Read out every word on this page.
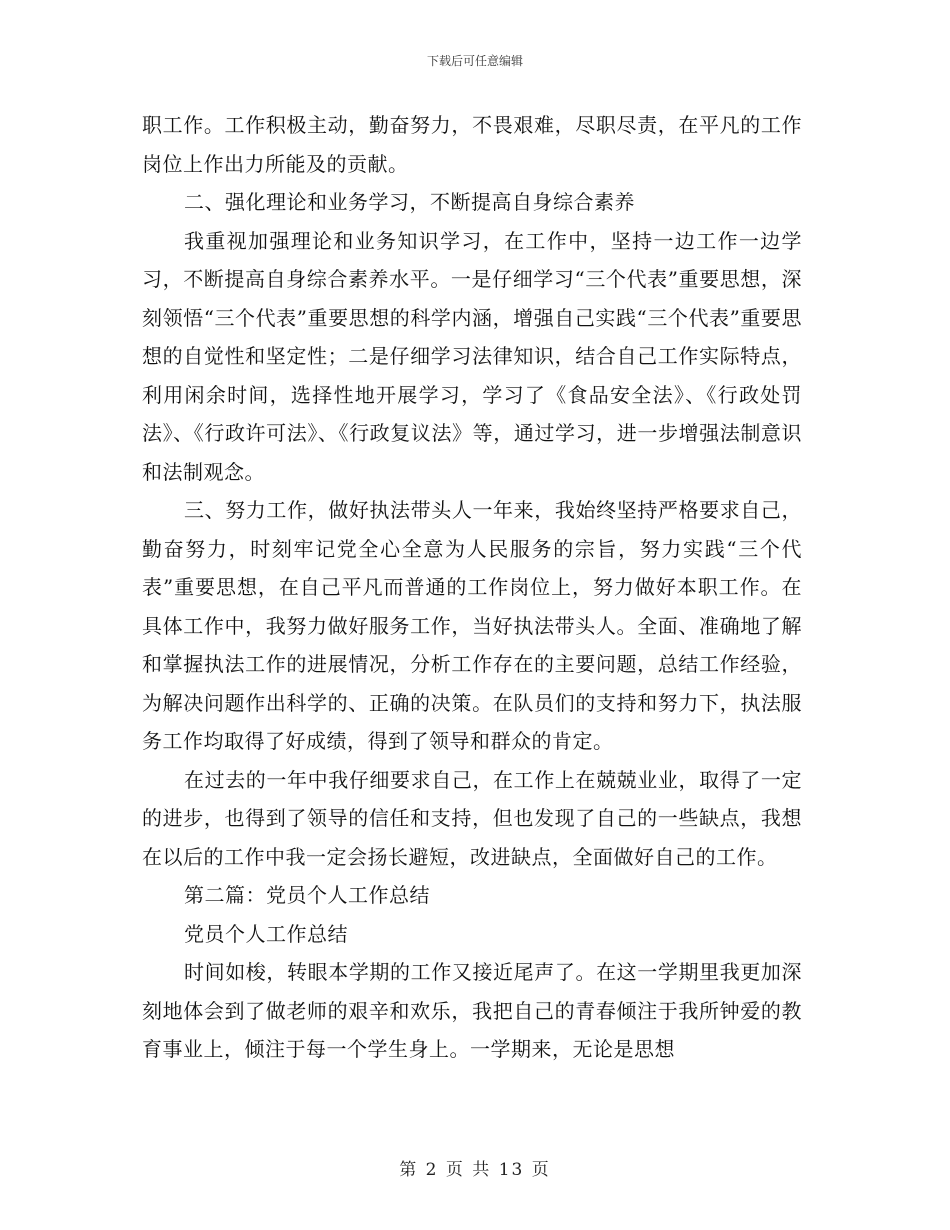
下载后可任意编辑

职工作。工作积极主动，勤奋努力，不畏艰难，尽职尽责，在平凡的工作岗位上作出力所能及的贡献。

二、强化理论和业务学习，不断提高自身综合素养

我重视加强理论和业务知识学习，在工作中，坚持一边工作一边学习，不断提高自身综合素养水平。一是仔细学习“三个代表”重要思想，深刻领悟“三个代表”重要思想的科学内涵，增强自己实践“三个代表”重要思想的自觉性和坚定性；二是仔细学习法律知识，结合自己工作实际特点，利用闲余时间，选择性地开展学习，学习了《食品安全法》、《行政处罚法》、《行政许可法》、《行政复议法》等，通过学习，进一步增强法制意识和法制观念。

三、努力工作，做好执法带头人一年来，我始终坚持严格要求自己，勤奋努力，时刻牢记党全心全意为人民服务的宗旨，努力实践“三个代表”重要思想，在自己平凡而普通的工作岗位上，努力做好本职工作。在具体工作中，我努力做好服务工作，当好执法带头人。全面、准确地了解和掌握执法工作的进展情况，分析工作存在的主要问题，总结工作经验，为解决问题作出科学的、正确的决策。在队员们的支持和努力下，执法服务工作均取得了好成绩，得到了领导和群众的肯定。

在过去的一年中我仔细要求自己，在工作上在兢兢业业，取得了一定的进步，也得到了领导的信任和支持，但也发现了自己的一些缺点，我想在以后的工作中我一定会扬长避短，改进缺点，全面做好自己的工作。

第二篇：党员个人工作总结

党员个人工作总结

时间如梭，转眼本学期的工作又接近尾声了。在这一学期里我更加深刻地体会到了做老师的艰辛和欢乐，我把自己的青春倾注于我所钟爱的教育事业上，倾注于每一个学生身上。一学期来，无论是思想

第 2 页 共 13 页
